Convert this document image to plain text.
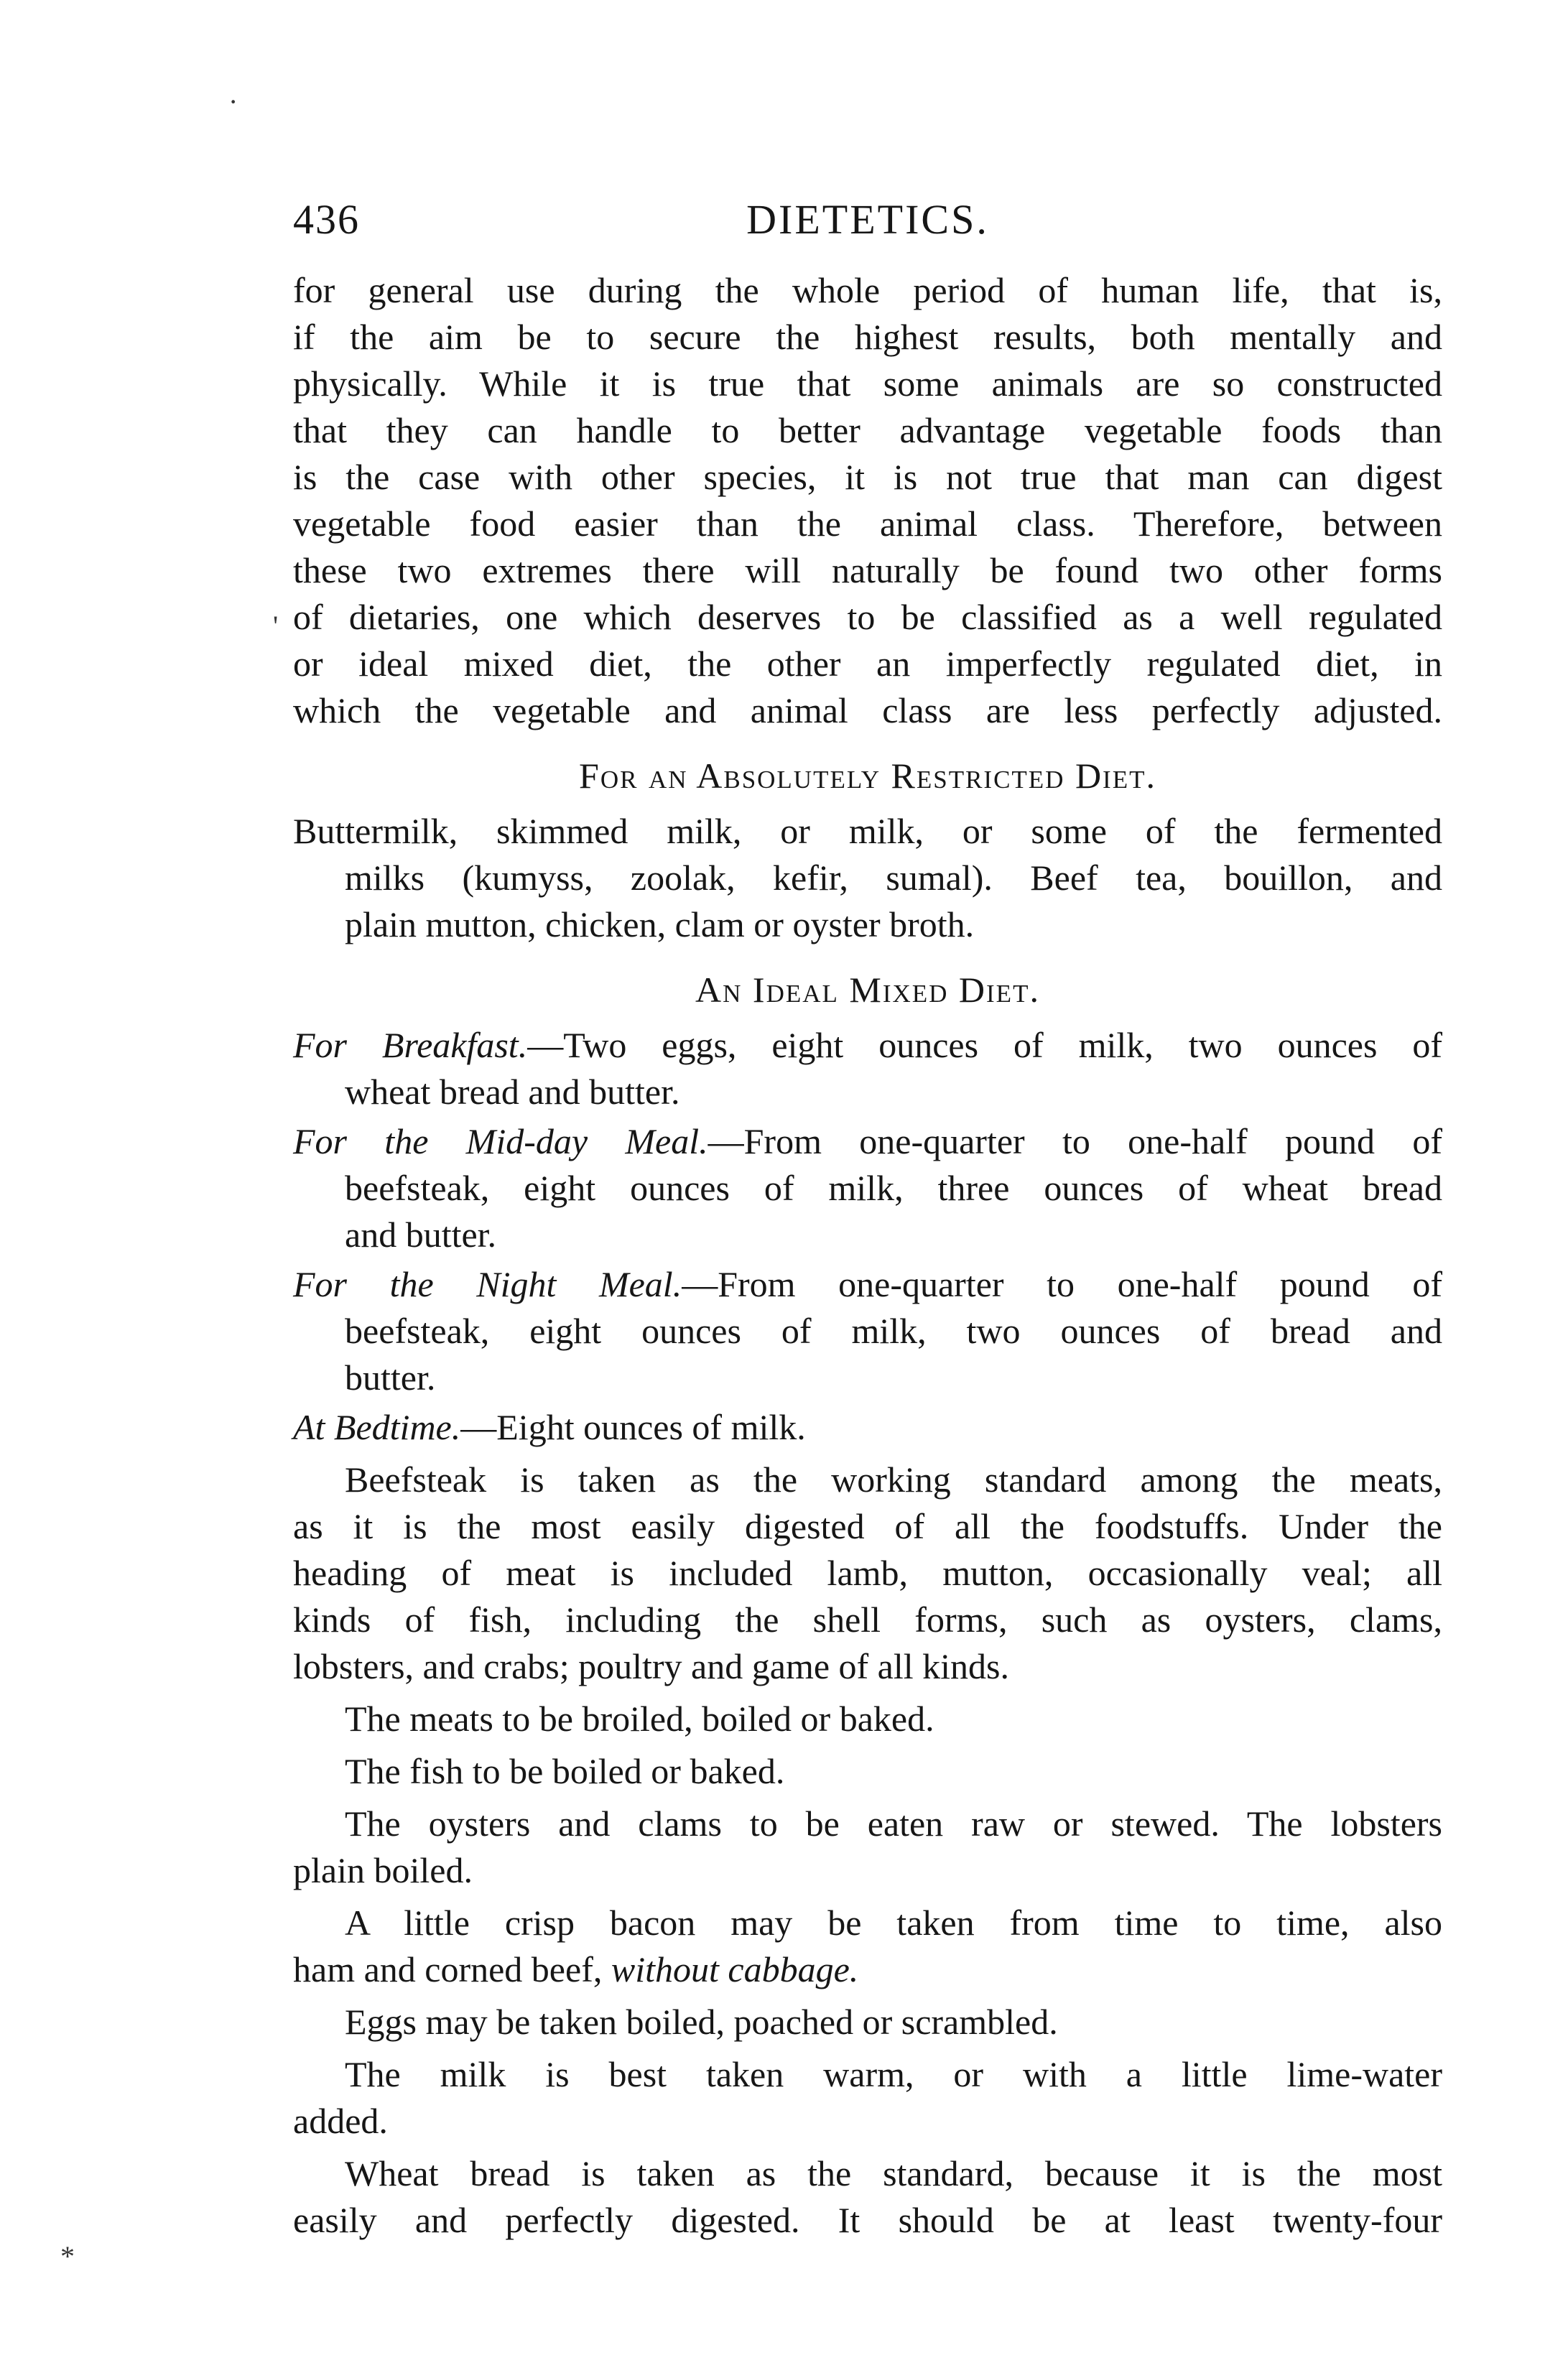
·
'
*
436	DIETETICS.

for general use during the whole period of human life, that is,

if the aim be to secure the highest results, both mentally and

physically. While it is true that some animals are so constructed

that they can handle to better advantage vegetable foods than

is the case with other species, it is not true that man can digest

vegetable food easier than the animal class. Therefore, between

these two extremes there will naturally be found two other forms

of dietaries, one which deserves to be classified as a well regulated

or ideal mixed diet, the other an imperfectly regulated diet, in

which the vegetable and animal class are less perfectly adjusted.

For an Absolutely Restricted Diet.

Buttermilk, skimmed milk, or milk, or some of the fermented

milks (kumyss, zoolak, kefir, sumal). Beef tea, bouillon, and

plain mutton, chicken, clam or oyster broth.

An Ideal Mixed Diet.

For Breakfast.—Two eggs, eight ounces of milk, two ounces of

wheat bread and butter.

For the Mid-day Meal.—From one-quarter to one-half pound of

beefsteak, eight ounces of milk, three ounces of wheat bread

and butter.

For the Night Meal.—From one-quarter to one-half pound of

beefsteak, eight ounces of milk, two ounces of bread and

butter.

At Bedtime.—Eight ounces of milk.

Beefsteak is taken as the working standard among the meats,

as it is the most easily digested of all the foodstuffs. Under the

heading of meat is included lamb, mutton, occasionally veal; all

kinds of fish, including the shell forms, such as oysters, clams,

lobsters, and crabs; poultry and game of all kinds.

The meats to be broiled, boiled or baked.

The fish to be boiled or baked.

The oysters and clams to be eaten raw or stewed. The lobsters

plain boiled.

A little crisp bacon may be taken from time to time, also

ham and corned beef, without cabbage.

Eggs may be taken boiled, poached or scrambled.

The milk is best taken warm, or with a little lime-water

added.

Wheat bread is taken as the standard, because it is the most

easily and perfectly digested. It should be at least twenty-four
